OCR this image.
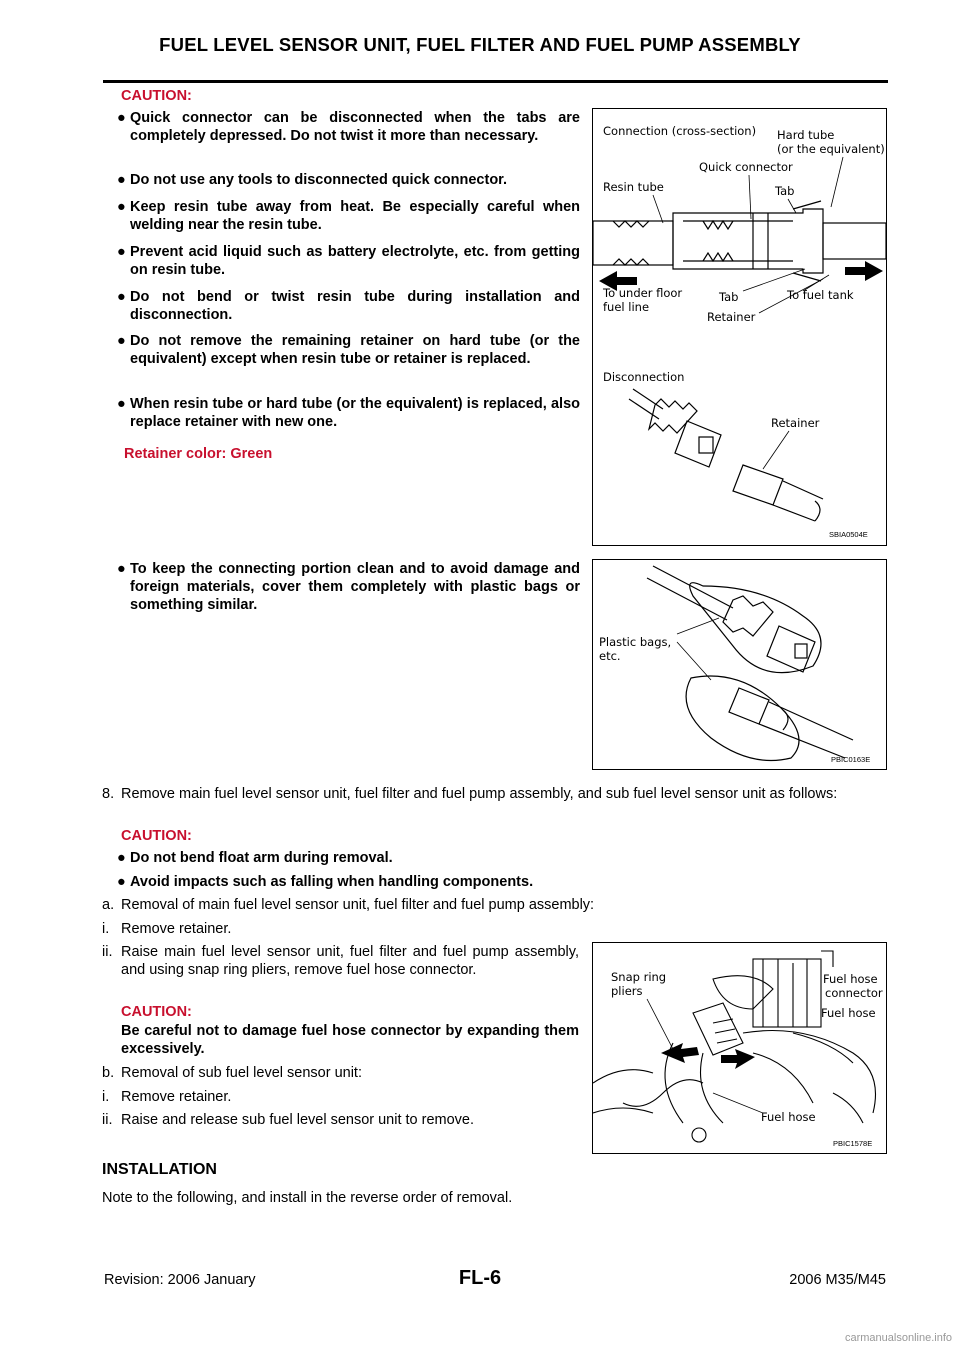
FUEL LEVEL SENSOR UNIT, FUEL FILTER AND FUEL PUMP ASSEMBLY
CAUTION:
● Quick connector can be disconnected when the tabs are completely depressed. Do not twist it more than necessary.
● Do not use any tools to disconnected quick connector.
● Keep resin tube away from heat. Be especially careful when welding near the resin tube.
● Prevent acid liquid such as battery electrolyte, etc. from getting on resin tube.
● Do not bend or twist resin tube during installation and disconnection.
● Do not remove the remaining retainer on hard tube (or the equivalent) except when resin tube or retainer is replaced.
● When resin tube or hard tube (or the equivalent) is replaced, also replace retainer with new one.
Retainer color: Green
Connection (cross-section) Hard tube
(or the equivalent)
Quick connector
Resin tube	Tab
To under floor
fuel line
Tab
Retainer
To fuel tank
Disconnection
Retainer
SBIA0504E
● To keep the connecting portion clean and to avoid damage and foreign materials, cover them completely with plastic bags or something similar.
Plastic bags,
etc.
PBIC0163E
8. Remove main fuel level sensor unit, fuel filter and fuel pump assembly, and sub fuel level sensor unit as follows:
CAUTION:
● Do not bend float arm during removal.
● Avoid impacts such as falling when handling components.
a. Removal of main fuel level sensor unit, fuel filter and fuel pump assembly:
i. Remove retainer.
ii. Raise main fuel level sensor unit, fuel filter and fuel pump assembly, and using snap ring pliers, remove fuel hose connector.
CAUTION:
Be careful not to damage fuel hose connector by expanding them excessively.
b. Removal of sub fuel level sensor unit:
i. Remove retainer.
ii. Raise and release sub fuel level sensor unit to remove.
Snap ring
pliers
Fuel hose
connector
Fuel hose
Fuel hose
PBIC1578E
INSTALLATION
Note to the following, and install in the reverse order of removal.
Revision: 2006 January	FL-6	2006 M35/M45
carmanualsonline.info
